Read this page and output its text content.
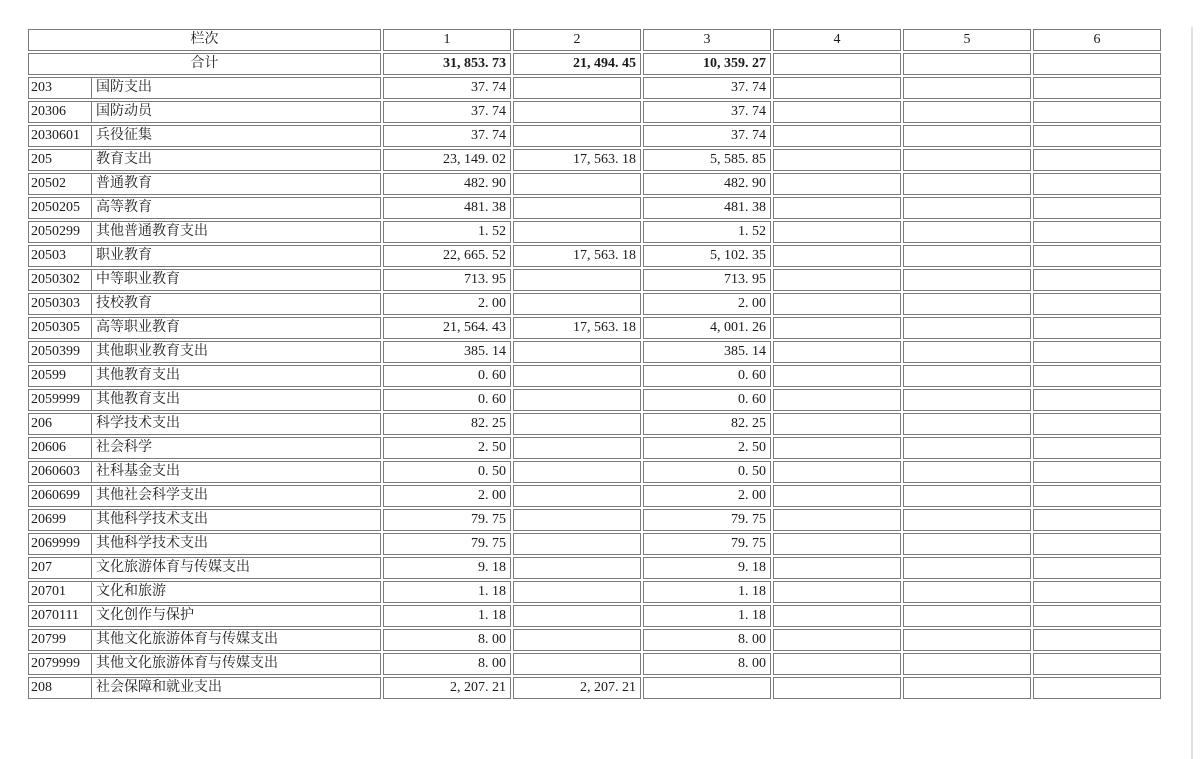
栏次	1	2	3	4	5	6
合计	31, 853. 73	21, 494. 45	10, 359. 27			

203 国防支出	37. 74		37. 74			

20306 国防动员	37. 74		37. 74			

2030601 兵役征集	37. 74		37. 74			

205 教育支出	23, 149. 02	17, 563. 18	5, 585. 85			

20502 普通教育	482. 90		482. 90			

2050205 高等教育	481. 38		481. 38			

2050299 其他普通教育支出	1. 52		1. 52			

20503 职业教育	22, 665. 52	17, 563. 18	5, 102. 35			

2050302 中等职业教育	713. 95		713. 95			

2050303 技校教育	2. 00		2. 00			

2050305 高等职业教育	21, 564. 43	17, 563. 18	4, 001. 26			

2050399 其他职业教育支出	385. 14		385. 14			

20599 其他教育支出	0. 60		0. 60			

2059999 其他教育支出	0. 60		0. 60			

206 科学技术支出	82. 25		82. 25			

20606 社会科学	2. 50		2. 50			

2060603 社科基金支出	0. 50		0. 50			

2060699 其他社会科学支出	2. 00		2. 00			

20699 其他科学技术支出	79. 75		79. 75			

2069999 其他科学技术支出	79. 75		79. 75			

207 文化旅游体育与传媒支出	9. 18		9. 18			

20701 文化和旅游	1. 18		1. 18			

2070111 文化创作与保护	1. 18		1. 18			

20799 其他文化旅游体育与传媒支出	8. 00		8. 00			

2079999 其他文化旅游体育与传媒支出	8. 00		8. 00			

208 社会保障和就业支出	2, 207. 21	2, 207. 21				
